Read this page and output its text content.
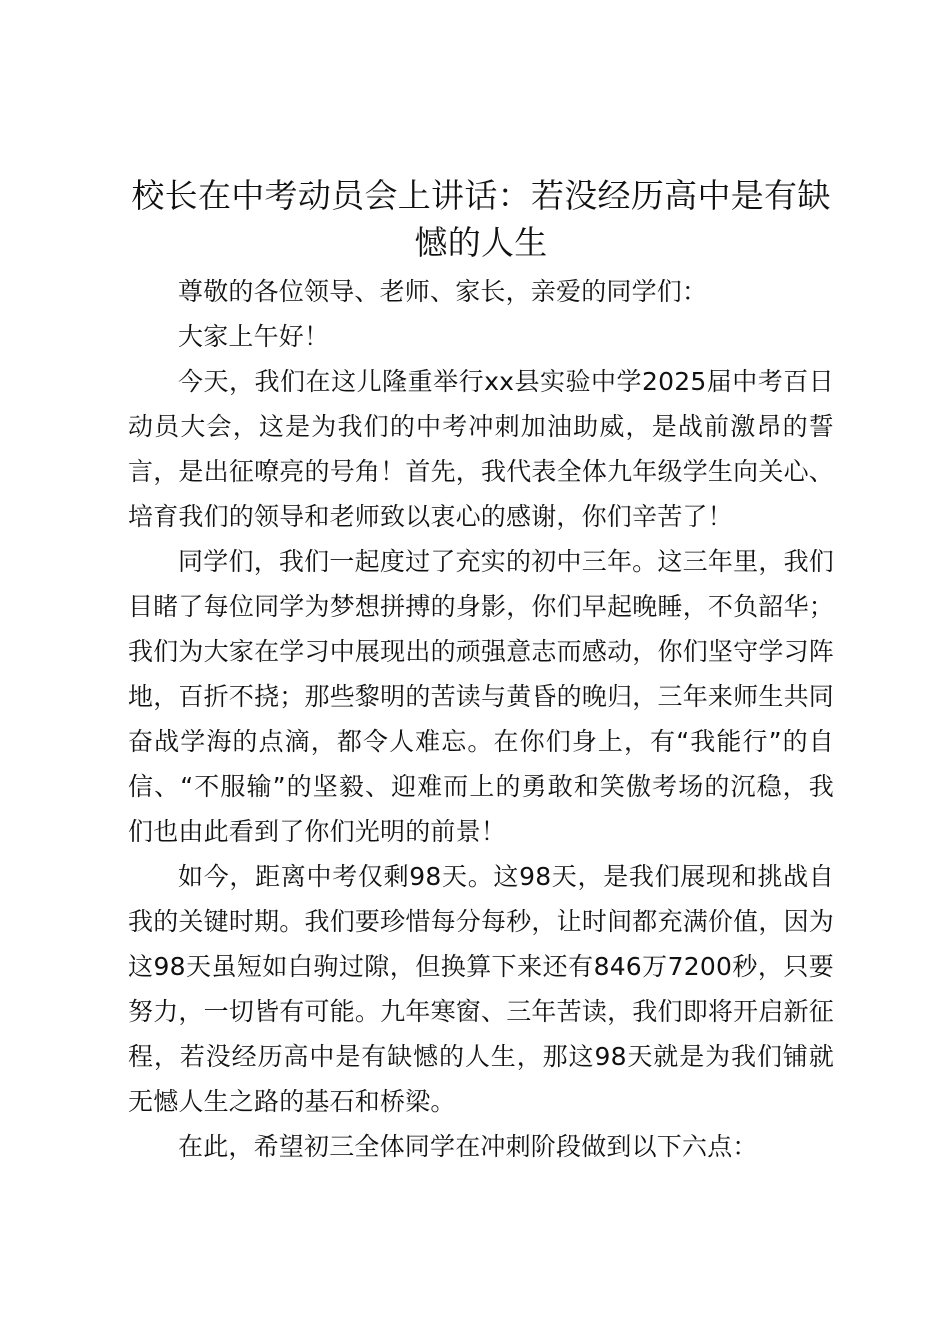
校长在中考动员会上讲话：若没经历高中是有缺憾的人生

尊敬的各位领导、老师、家长，亲爱的同学们：

大家上午好！

今天，我们在这儿隆重举行xx县实验中学2025届中考百日动员大会，这是为我们的中考冲刺加油助威，是战前激昂的誓言，是出征嘹亮的号角！首先，我代表全体九年级学生向关心、培育我们的领导和老师致以衷心的感谢，你们辛苦了！

同学们，我们一起度过了充实的初中三年。这三年里，我们目睹了每位同学为梦想拼搏的身影，你们早起晚睡，不负韶华；我们为大家在学习中展现出的顽强意志而感动，你们坚守学习阵地，百折不挠；那些黎明的苦读与黄昏的晚归，三年来师生共同奋战学海的点滴，都令人难忘。在你们身上，有“我能行”的自信、“不服输”的坚毅、迎难而上的勇敢和笑傲考场的沉稳，我们也由此看到了你们光明的前景！

如今，距离中考仅剩98天。这98天，是我们展现和挑战自我的关键时期。我们要珍惜每分每秒，让时间都充满价值，因为这98天虽短如白驹过隙，但换算下来还有846万7200秒，只要努力，一切皆有可能。九年寒窗、三年苦读，我们即将开启新征程，若没经历高中是有缺憾的人生，那这98天就是为我们铺就无憾人生之路的基石和桥梁。

在此，希望初三全体同学在冲刺阶段做到以下六点：
